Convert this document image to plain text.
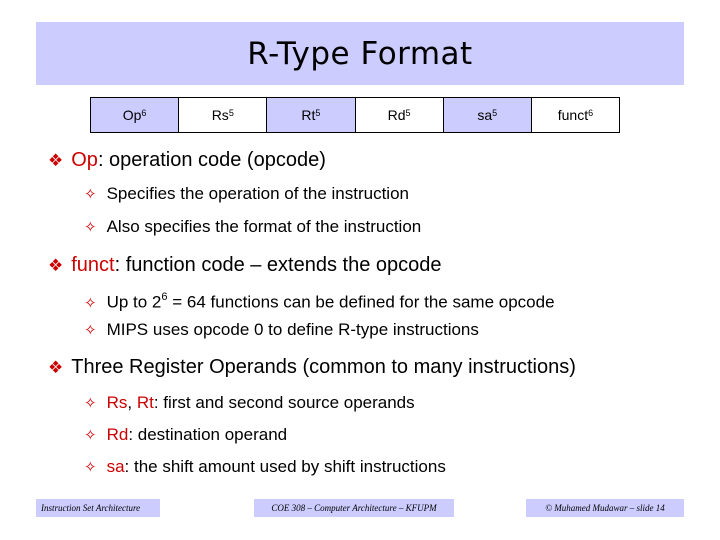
R-Type Format
Op$^6$	Rs$^5$	Rt$^5$	Rd$^5$	$sa^5$	funct$^6$
❖ Op: operation code (opcode)
✧ Specifies the operation of the instruction
✧ Also specifies the format of the instruction
❖ funct: function code – extends the opcode
✧ Up to $2^6 = 64$ functions can be defined for the same opcode
✧ MIPS uses opcode 0 to define R-type instructions
❖ Three Register Operands (common to many instructions)
✧ Rs, Rt: first and second source operands
✧ Rd: destination operand
✧ sa: the shift amount used by shift instructions
Instruction Set Architecture	COE 308 – Computer Architecture – KFUPM	© Muhamed Mudawar – slide 14
